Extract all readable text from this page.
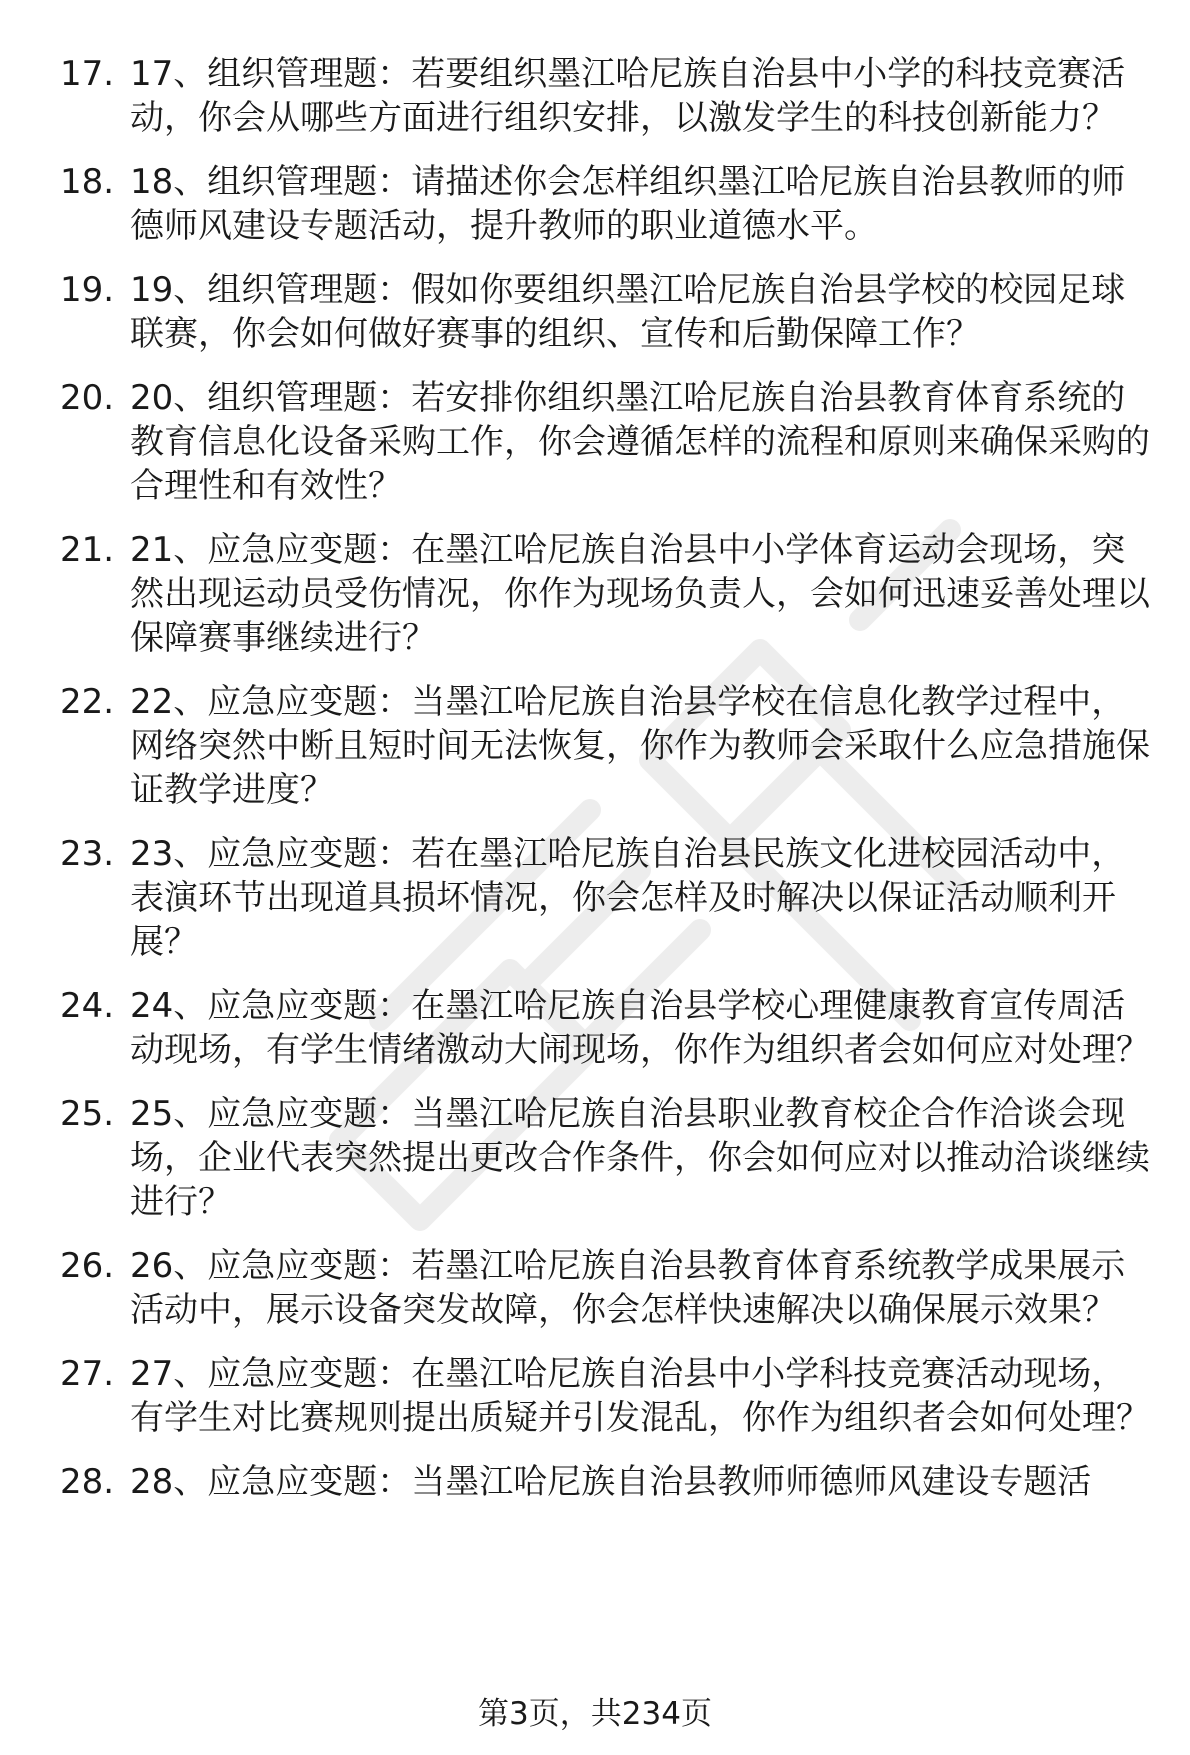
17. 17、组织管理题：若要组织墨江哈尼族自治县中小学的科技竞赛活动，你会从哪些方面进行组织安排，以激发学生的科技创新能力？
18. 18、组织管理题：请描述你会怎样组织墨江哈尼族自治县教师的师德师风建设专题活动，提升教师的职业道德水平。
19. 19、组织管理题：假如你要组织墨江哈尼族自治县学校的校园足球联赛，你会如何做好赛事的组织、宣传和后勤保障工作？
20. 20、组织管理题：若安排你组织墨江哈尼族自治县教育体育系统的教育信息化设备采购工作，你会遵循怎样的流程和原则来确保采购的合理性和有效性？
21. 21、应急应变题：在墨江哈尼族自治县中小学体育运动会现场，突然出现运动员受伤情况，你作为现场负责人，会如何迅速妥善处理以保障赛事继续进行？
22. 22、应急应变题：当墨江哈尼族自治县学校在信息化教学过程中，网络突然中断且短时间无法恢复，你作为教师会采取什么应急措施保证教学进度？
23. 23、应急应变题：若在墨江哈尼族自治县民族文化进校园活动中，表演环节出现道具损坏情况，你会怎样及时解决以保证活动顺利开展？
24. 24、应急应变题：在墨江哈尼族自治县学校心理健康教育宣传周活动现场，有学生情绪激动大闹现场，你作为组织者会如何应对处理？
25. 25、应急应变题：当墨江哈尼族自治县职业教育校企合作洽谈会现场，企业代表突然提出更改合作条件，你会如何应对以推动洽谈继续进行？
26. 26、应急应变题：若墨江哈尼族自治县教育体育系统教学成果展示活动中，展示设备突发故障，你会怎样快速解决以确保展示效果？
27. 27、应急应变题：在墨江哈尼族自治县中小学科技竞赛活动现场，有学生对比赛规则提出质疑并引发混乱，你作为组织者会如何处理？
28. 28、应急应变题：当墨江哈尼族自治县教师师德师风建设专题活
第3页，共234页
